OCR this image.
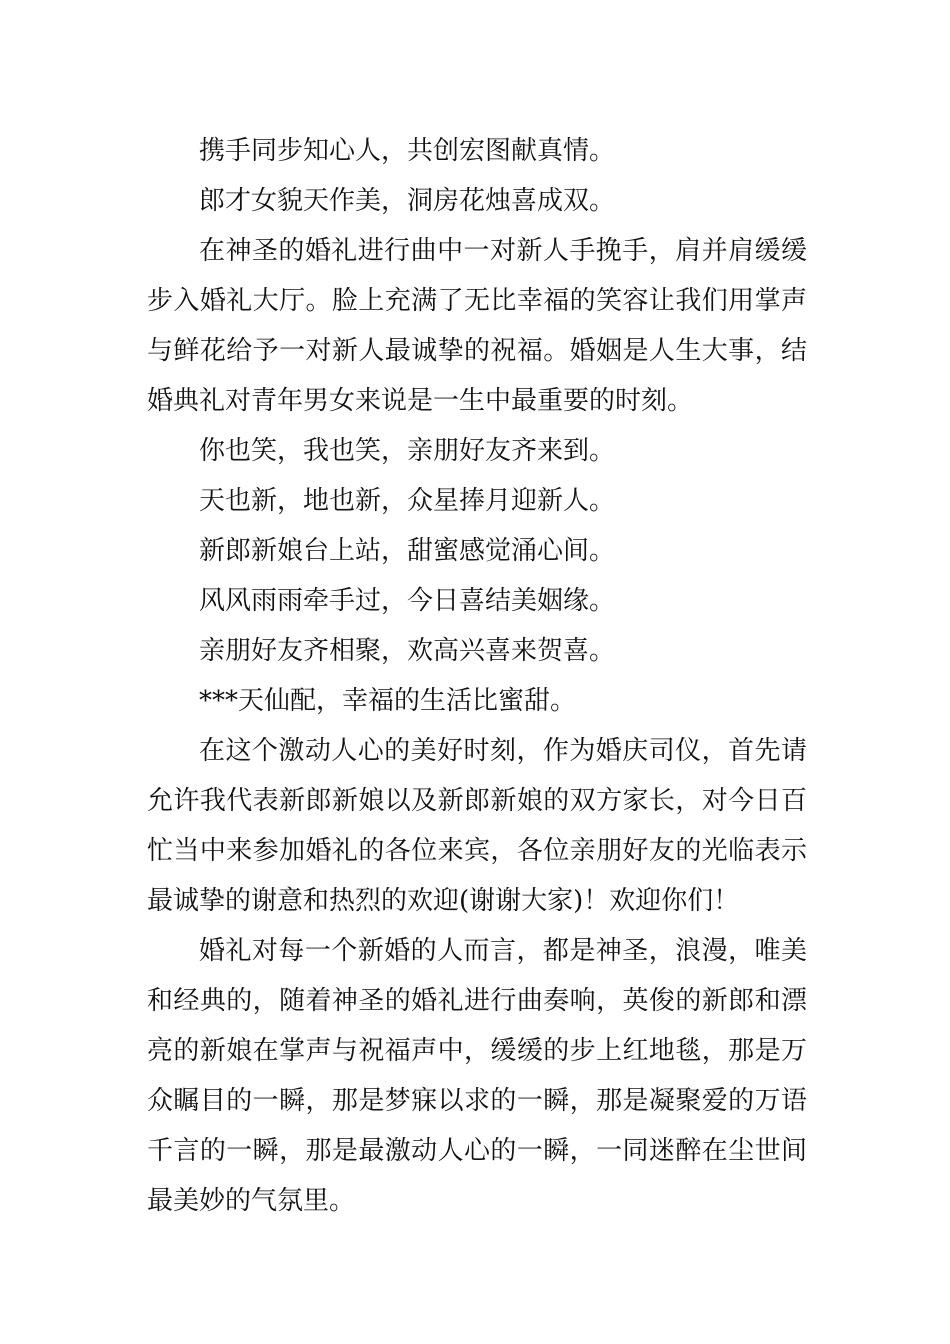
携手同步知心人，共创宏图献真情。

郎才女貌天作美，洞房花烛喜成双。

在神圣的婚礼进行曲中一对新人手挽手，肩并肩缓缓步入婚礼大厅。脸上充满了无比幸福的笑容让我们用掌声与鲜花给予一对新人最诚挚的祝福。婚姻是人生大事，结婚典礼对青年男女来说是一生中最重要的时刻。

你也笑，我也笑，亲朋好友齐来到。

天也新，地也新，众星捧月迎新人。

新郎新娘台上站，甜蜜感觉涌心间。

风风雨雨牵手过，今日喜结美姻缘。

亲朋好友齐相聚，欢高兴喜来贺喜。

***天仙配，幸福的生活比蜜甜。

在这个激动人心的美好时刻，作为婚庆司仪，首先请允许我代表新郎新娘以及新郎新娘的双方家长，对今日百忙当中来参加婚礼的各位来宾，各位亲朋好友的光临表示最诚挚的谢意和热烈的欢迎(谢谢大家)！欢迎你们！

婚礼对每一个新婚的人而言，都是神圣，浪漫，唯美和经典的，随着神圣的婚礼进行曲奏响，英俊的新郎和漂亮的新娘在掌声与祝福声中，缓缓的步上红地毯，那是万众瞩目的一瞬，那是梦寐以求的一瞬，那是凝聚爱的万语千言的一瞬，那是最激动人心的一瞬，一同迷醉在尘世间最美妙的气氛里。
